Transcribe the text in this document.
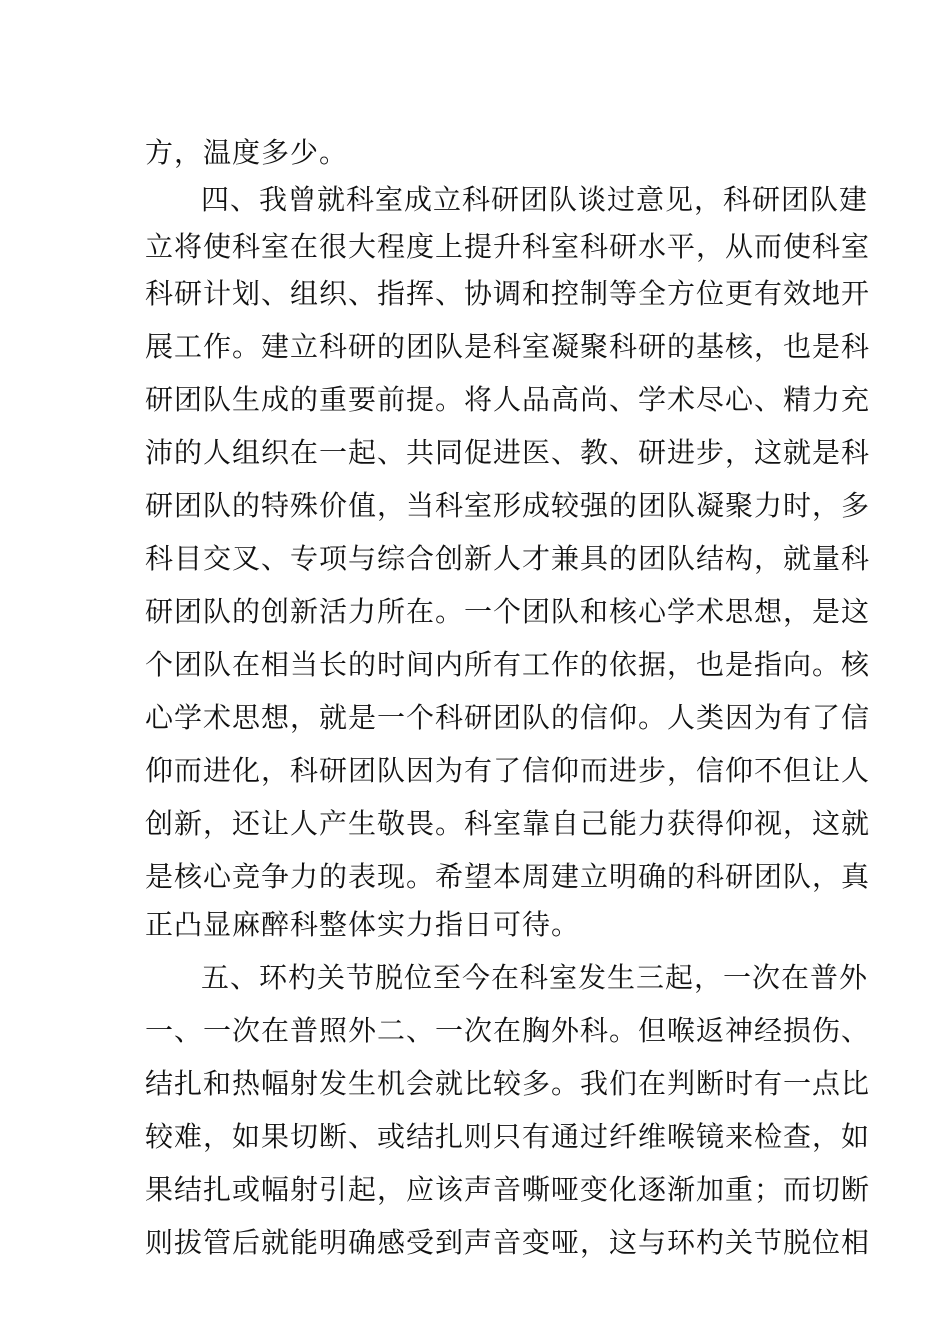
方，温度多少。
四、我曾就科室成立科研团队谈过意见，科研团队建
立将使科室在很大程度上提升科室科研水平，从而使科室
科研计划、组织、指挥、协调和控制等全方位更有效地开
展工作。建立科研的团队是科室凝聚科研的基核，也是科
研团队生成的重要前提。将人品高尚、学术尽心、精力充
沛的人组织在一起、共同促进医、教、研进步，这就是科
研团队的特殊价值，当科室形成较强的团队凝聚力时，多
科目交叉、专项与综合创新人才兼具的团队结构，就量科
研团队的创新活力所在。一个团队和核心学术思想，是这
个团队在相当长的时间内所有工作的依据，也是指向。核
心学术思想，就是一个科研团队的信仰。人类因为有了信
仰而进化，科研团队因为有了信仰而进步，信仰不但让人
创新，还让人产生敬畏。科室靠自己能力获得仰视，这就
是核心竞争力的表现。希望本周建立明确的科研团队，真
正凸显麻醉科整体实力指日可待。
五、环杓关节脱位至今在科室发生三起，一次在普外
一、一次在普照外二、一次在胸外科。但喉返神经损伤、
结扎和热幅射发生机会就比较多。我们在判断时有一点比
较难，如果切断、或结扎则只有通过纤维喉镜来检查，如
果结扎或幅射引起，应该声音嘶哑变化逐渐加重；而切断
则拔管后就能明确感受到声音变哑，这与环杓关节脱位相
